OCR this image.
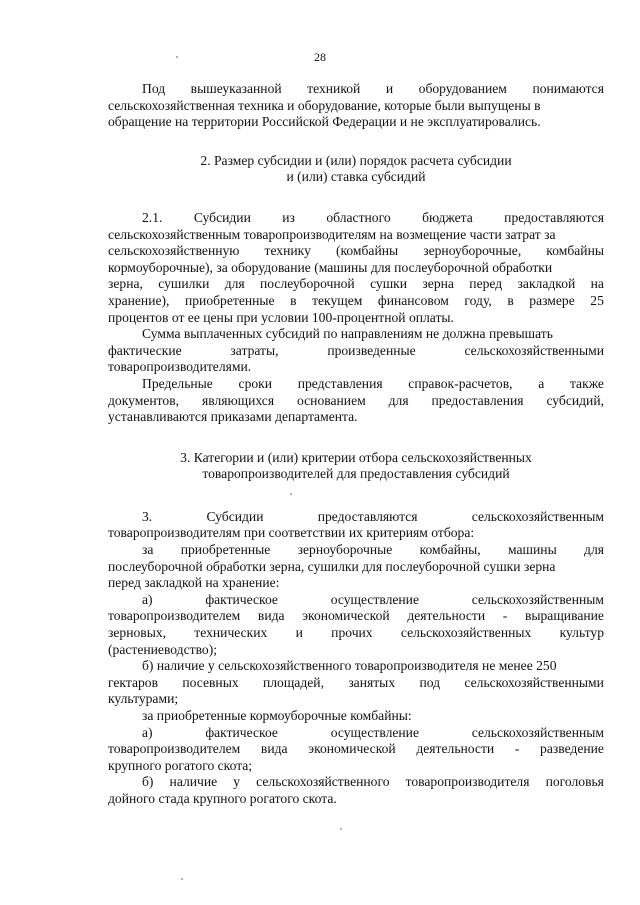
28
Под вышеуказанной техникой и оборудованием понимаются
сельскохозяйственная техника и оборудование, которые были выпущены в
обращение на территории Российской Федерации и не эксплуатировались.
2. Размер субсидии и (или) порядок расчета субсидии
и (или) ставка субсидий
2.1. Субсидии из областного бюджета предоставляются
сельскохозяйственным товаропроизводителям на возмещение части затрат за
сельскохозяйственную технику (комбайны зерноуборочные, комбайны
кормоуборочные), за оборудование (машины для послеуборочной обработки
зерна, сушилки для послеуборочной сушки зерна перед закладкой на
хранение), приобретенные в текущем финансовом году, в размере 25
процентов от ее цены при условии 100-процентной оплаты.
Сумма выплаченных субсидий по направлениям не должна превышать
фактические	затраты,	произведенные	сельскохозяйственными
товаропроизводителями.
Предельные сроки представления справок-расчетов, а также
документов, являющихся основанием для предоставления субсидий,
устанавливаются приказами департамента.
3. Категории и (или) критерии отбора сельскохозяйственных
товаропроизводителей для предоставления субсидий
3.	Субсидии	предоставляются	сельскохозяйственным
товаропроизводителям при соответствии их критериям отбора:
за приобретенные зерноуборочные комбайны, машины для
послеуборочной обработки зерна, сушилки для послеуборочной сушки зерна
перед закладкой на хранение:
а)	фактическое	осуществление	сельскохозяйственным
товаропроизводителем вида экономической деятельности - выращивание
зерновых, технических и прочих сельскохозяйственных культур
(растениеводство);
б) наличие у сельскохозяйственного товаропроизводителя не менее 250
гектаров посевных площадей, занятых под сельскохозяйственными
культурами;
за приобретенные кормоуборочные комбайны:
а)	фактическое	осуществление	сельскохозяйственным
товаропроизводителем вида экономической деятельности - разведение
крупного рогатого скота;
б) наличие у сельскохозяйственного товаропроизводителя поголовья
дойного стада крупного рогатого скота.
